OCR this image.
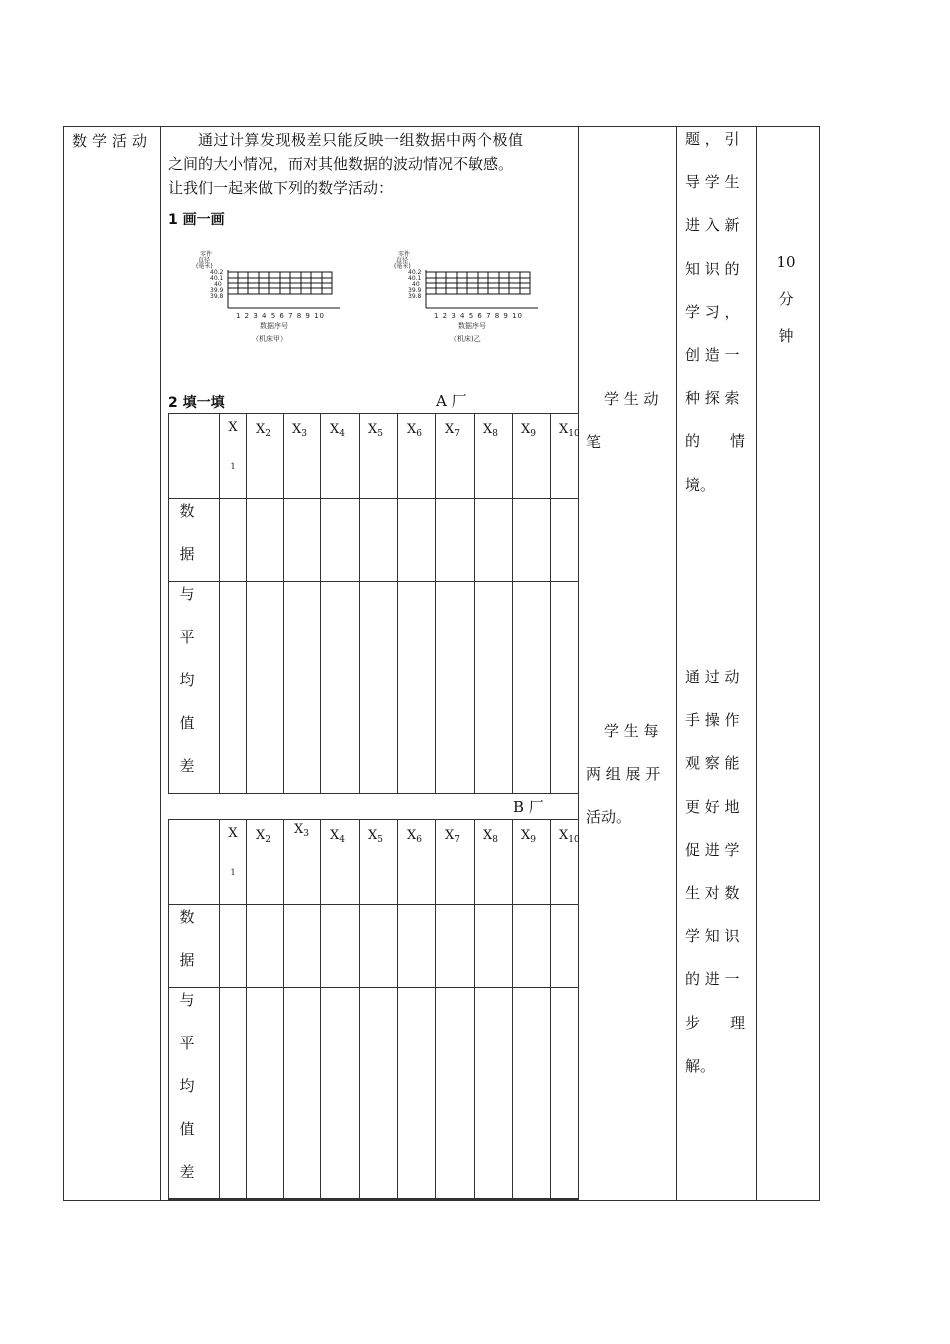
数学活动	通过计算发现极差只能反映一组数据中两个极值
之间的大小情况，而对其他数据的波动情况不敏感。
让我们一起来做下列的数学活动：
1 画一画
零件
直径
(毫米)
40.2
40.1
40
39.9
39.8
1 2 3 4 5 6 7 8 9 10
数据序号
（机床甲）
零件
直径
(毫米)
40.2
40.1
40
39.9
39.8
1 2 3 4 5 6 7 8 9 10
数据序号
（机床)乙
2 填一填	A 厂
X
1
$X_2$ $X_3$ $X_4$ $X_5$ $X_6$ $X_7$ $X_8$ $X_9$ $X_{10}$
数
据
与
平
均
值
差
B 厂
X
1
$X_2$
$X_3$ $X_4$ $X_5$ $X_6$ $X_7$ $X_8$ $X_9$ $X_{10}$
数
据
与
平
均
值
差
学 生 动
笔
学 生 每
两 组 展 开
活动。
题 ， 引
导 学 生
进 入 新
知 识 的
学 习 ，
创 造 一
种 探 索
的　　情
境。
通 过 动
手 操 作
观 察 能
更 好 地
促 进 学
生 对 数
学 知 识
的 进 一
步　　理
解。
10
分
钟
